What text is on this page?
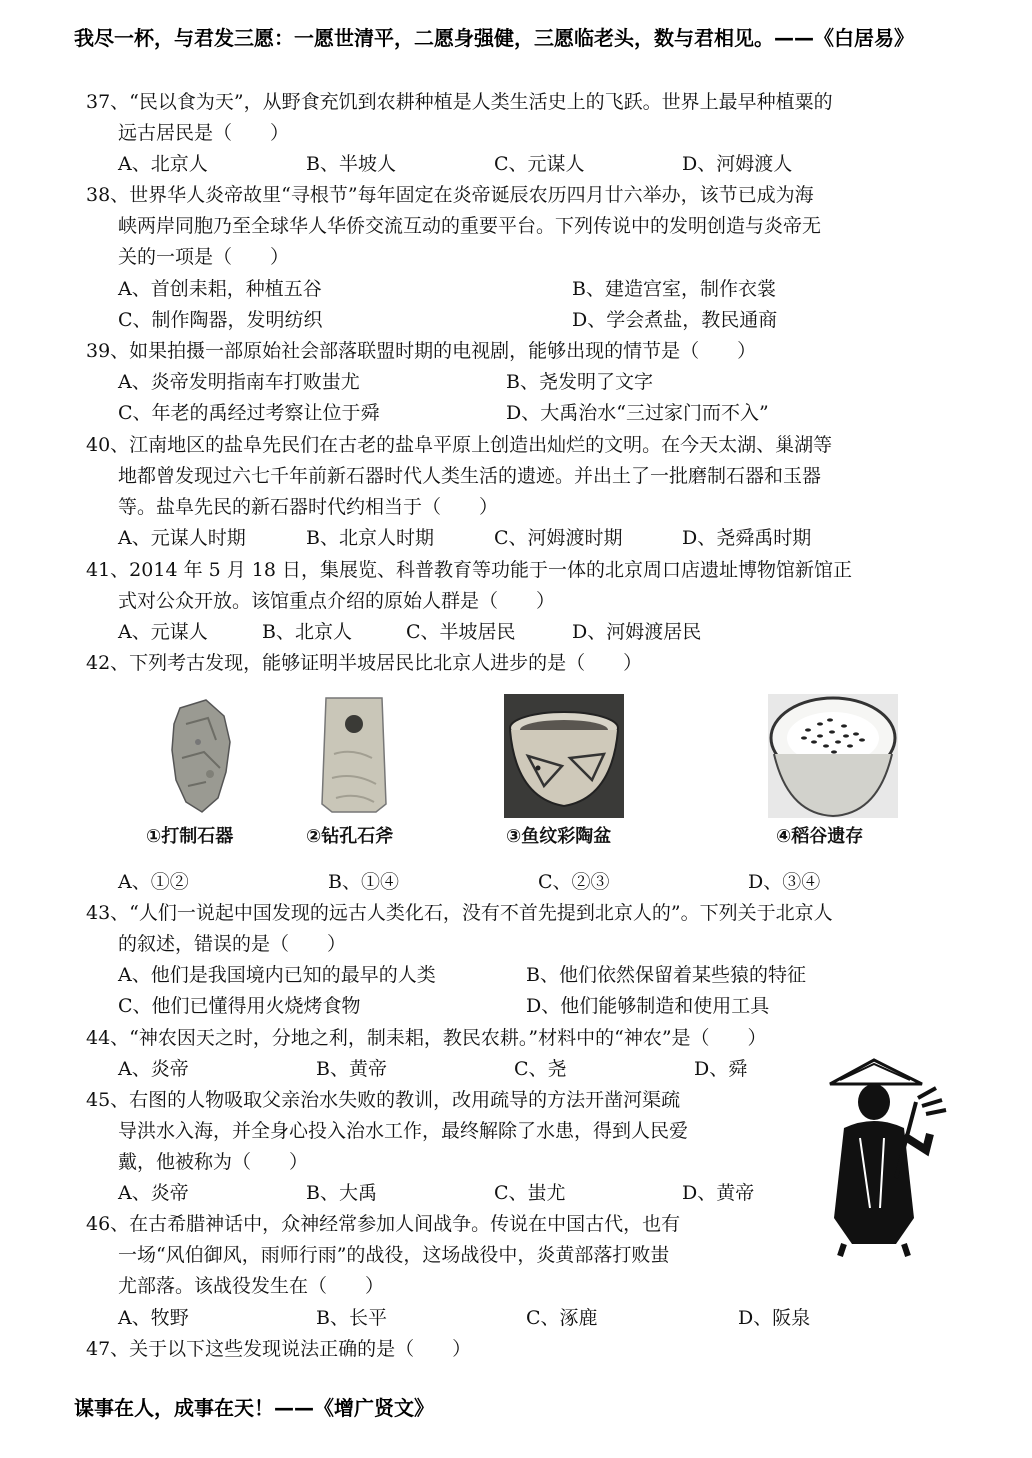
我尽一杯，与君发三愿：一愿世清平，二愿身强健，三愿临老头，数与君相见。——《白居易》
37、“民以食为天”，从野食充饥到农耕种植是人类生活史上的飞跃。世界上最早种植粟的
远古居民是（　　）
A、北京人	B、半坡人	C、元谋人	D、河姆渡人
38、世界华人炎帝故里“寻根节”每年固定在炎帝诞辰农历四月廿六举办，该节已成为海
峡两岸同胞乃至全球华人华侨交流互动的重要平台。下列传说中的发明创造与炎帝无
关的一项是（　　）
A、首创耒耜，种植五谷	B、建造宫室，制作衣裳
C、制作陶器，发明纺织	D、学会煮盐，教民通商
39、如果拍摄一部原始社会部落联盟时期的电视剧，能够出现的情节是（　　）
A、炎帝发明指南车打败蚩尤	B、尧发明了文字
C、年老的禹经过考察让位于舜	D、大禹治水“三过家门而不入”
40、江南地区的盐阜先民们在古老的盐阜平原上创造出灿烂的文明。在今天太湖、巢湖等
地都曾发现过六七千年前新石器时代人类生活的遗迹。并出土了一批磨制石器和玉器
等。盐阜先民的新石器时代约相当于（　　）
A、元谋人时期	B、北京人时期	C、河姆渡时期	D、尧舜禹时期
41、2014 年 5 月 18 日，集展览、科普教育等功能于一体的北京周口店遗址博物馆新馆正
式对公众开放。该馆重点介绍的原始人群是（　　）
A、元谋人	B、北京人	C、半坡居民	D、河姆渡居民
42、下列考古发现，能够证明半坡居民比北京人进步的是（　　）
①打制石器	②钻孔石斧	③鱼纹彩陶盆	④稻谷遗存
A、①②	B、①④	C、②③	D、③④
43、“人们一说起中国发现的远古人类化石，没有不首先提到北京人的”。下列关于北京人
的叙述，错误的是（　　）
A、他们是我国境内已知的最早的人类	B、他们依然保留着某些猿的特征
C、他们已懂得用火烧烤食物	D、他们能够制造和使用工具
44、“神农因天之时，分地之利，制耒耜，教民农耕。”材料中的“神农”是（　　）
A、炎帝	B、黄帝	C、尧	D、舜
45、右图的人物吸取父亲治水失败的教训，改用疏导的方法开凿河渠疏
导洪水入海，并全身心投入治水工作，最终解除了水患，得到人民爱
戴，他被称为（　　）
A、炎帝	B、大禹	C、蚩尤	D、黄帝
46、在古希腊神话中，众神经常参加人间战争。传说在中国古代，也有
一场“风伯御风，雨师行雨”的战役，这场战役中，炎黄部落打败蚩
尤部落。该战役发生在（　　）
A、牧野	B、长平	C、涿鹿	D、阪泉
47、关于以下这些发现说法正确的是（　　）
谋事在人，成事在天！——《增广贤文》
